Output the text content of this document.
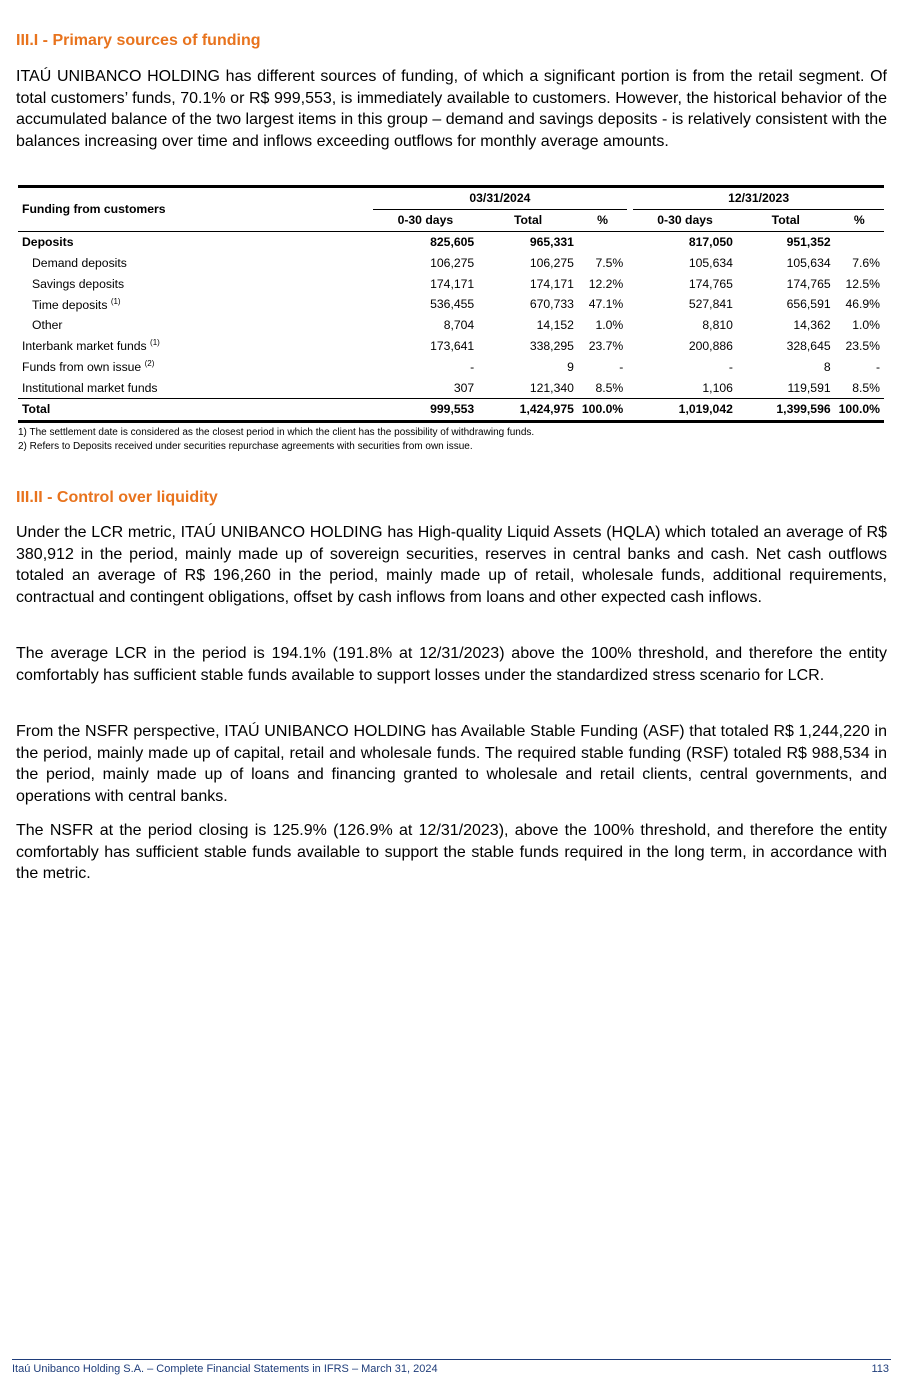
III.I - Primary sources of funding

ITAÚ UNIBANCO HOLDING has different sources of funding, of which a significant portion is from the retail segment. Of total customers’ funds, 70.1% or R$ 999,553, is immediately available to customers. However, the historical behavior of the accumulated balance of the two largest items in this group – demand and savings deposits - is relatively consistent with the balances increasing over time and inflows exceeding outflows for monthly average amounts.

Funding from customers	03/31/2024				12/31/2023		
	0-30 days	Total	%		0-30 days	Total	%
Deposits	825,605	965,331			817,050	951,352	
Demand deposits	106,275	106,275	7.5%		105,634	105,634	7.6%
Savings deposits	174,171	174,171	12.2%		174,765	174,765	12.5%
Time deposits $^{(1)}$	536,455	670,733	47.1%		527,841	656,591	46.9%
Other	8,704	14,152	1.0%		8,810	14,362	1.0%
Interbank market funds $^{(1)}$	173,641	338,295	23.7%		200,886	328,645	23.5%
Funds from own issue $^{(2)}$	-	9	-		-	8	-
Institutional market funds	307	121,340	8.5%		1,106	119,591	8.5%
Total	999,553	1,424,975	100.0%		1,019,042	1,399,596	100.0%
1) The settlement date is considered as the closest period in which the client has the possibility of withdrawing funds.
2) Refers to Deposits received under securities repurchase agreements with securities from own issue.
III.II - Control over liquidity

Under the LCR metric, ITAÚ UNIBANCO HOLDING has High-quality Liquid Assets (HQLA) which totaled an average of R$ 380,912 in the period, mainly made up of sovereign securities, reserves in central banks and cash. Net cash outflows totaled an average of R$ 196,260 in the period, mainly made up of retail, wholesale funds, additional requirements, contractual and contingent obligations, offset by cash inflows from loans and other expected cash inflows.

The average LCR in the period is 194.1% (191.8% at 12/31/2023) above the 100% threshold, and therefore the entity comfortably has sufficient stable funds available to support losses under the standardized stress scenario for LCR.

From the NSFR perspective, ITAÚ UNIBANCO HOLDING has Available Stable Funding (ASF) that totaled R$ 1,244,220 in the period, mainly made up of capital, retail and wholesale funds. The required stable funding (RSF) totaled R$ 988,534 in the period, mainly made up of loans and financing granted to wholesale and retail clients, central governments, and operations with central banks.

The NSFR at the period closing is 125.9% (126.9% at 12/31/2023), above the 100% threshold, and therefore the entity comfortably has sufficient stable funds available to support the stable funds required in the long term, in accordance with the metric.

Itaú Unibanco Holding S.A. – Complete Financial Statements in IFRS – March 31, 2024	113
